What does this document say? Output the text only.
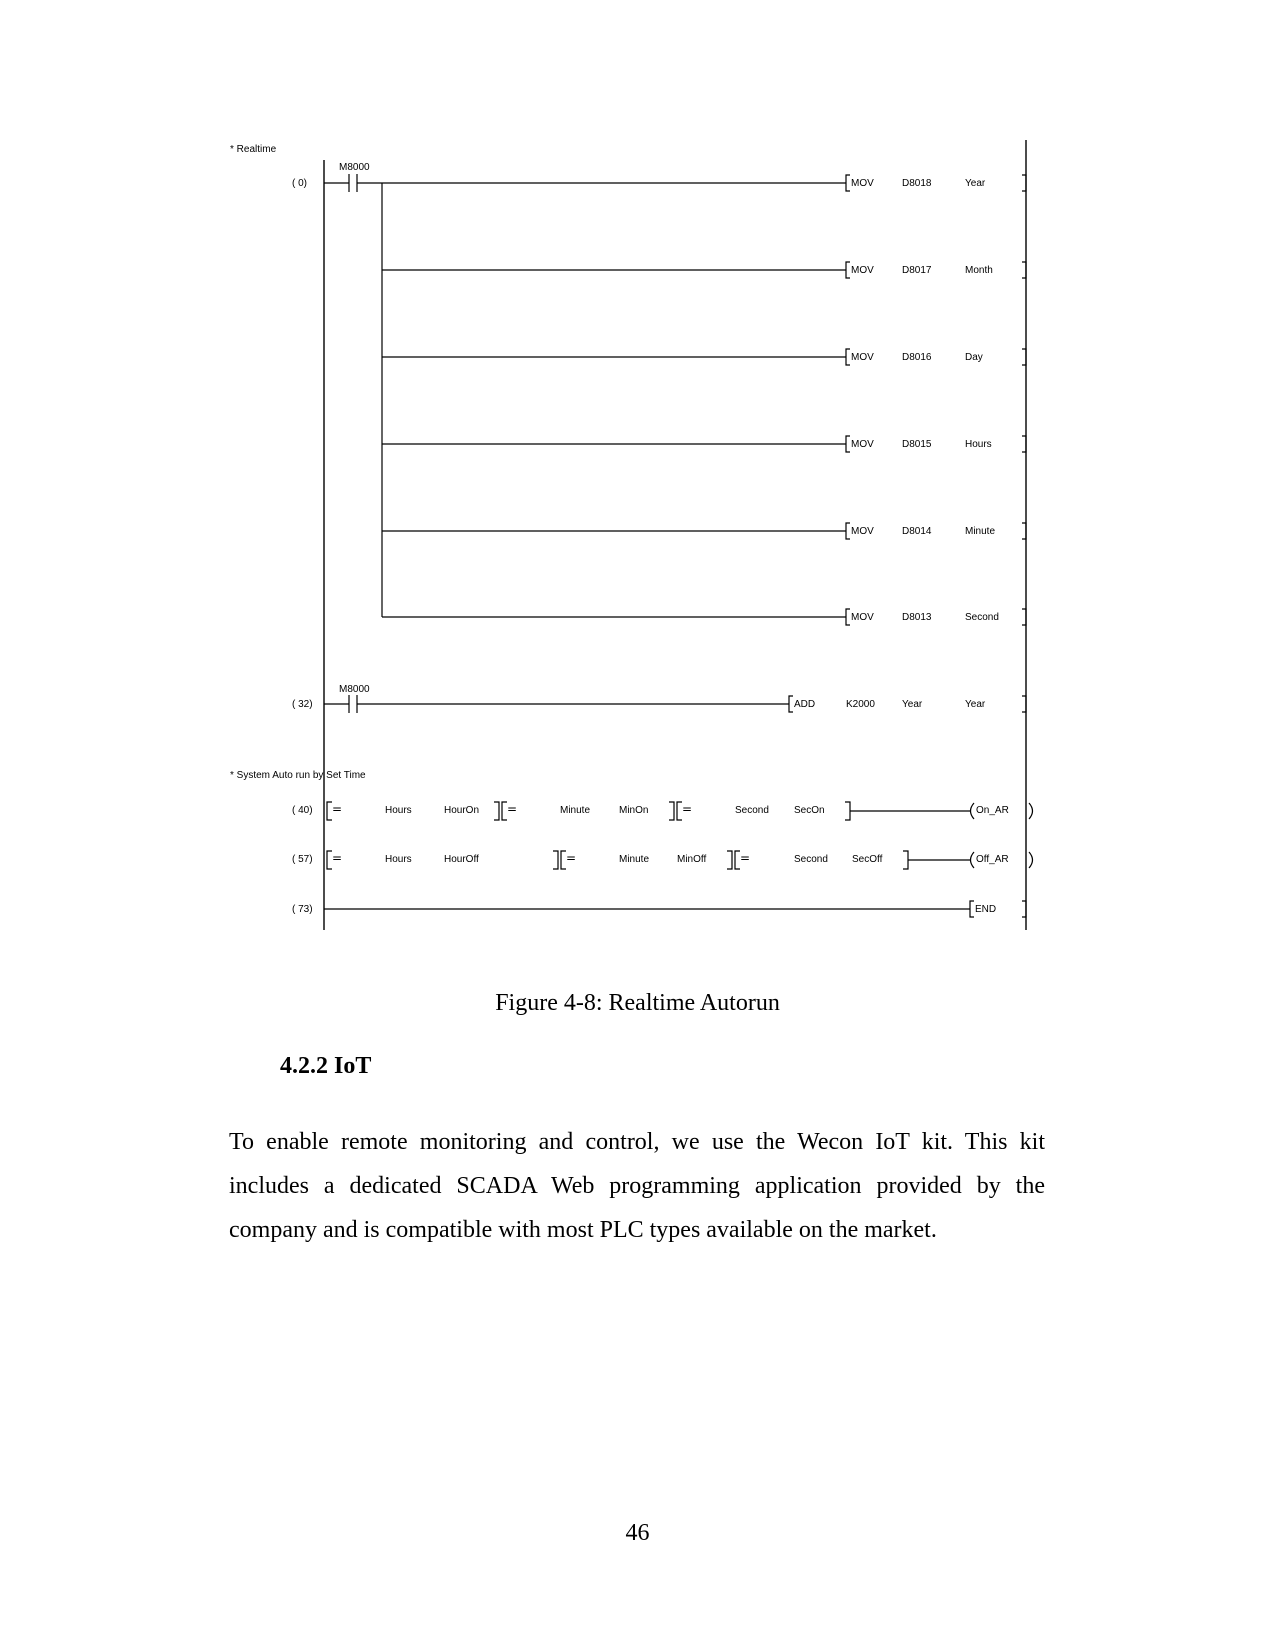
* Realtime
* System Auto run by Set Time
( 0)
M8000
MOV	D8018	Year
MOV	D8017	Month
MOV	D8016	Day
MOV	D8015	Hours
MOV	D8014	Minute
MOV	D8013	Second
( 32)
M8000
ADD	K2000	Year	Year
( 40) =	Hours	HourOn =	Minute	MinOn	=	Second	SecOn	On_AR
( 57) =	Hours	HourOff	=	Minute	MinOff	=	Second SecOff	Off_AR
( 73)	END
Figure 4-8: Realtime Autorun
4.2.2 IoT

To enable remote monitoring and control, we use the Wecon IoT kit. This kit includes a dedicated SCADA Web programming application provided by the company and is compatible with most PLC types available on the market.

46
